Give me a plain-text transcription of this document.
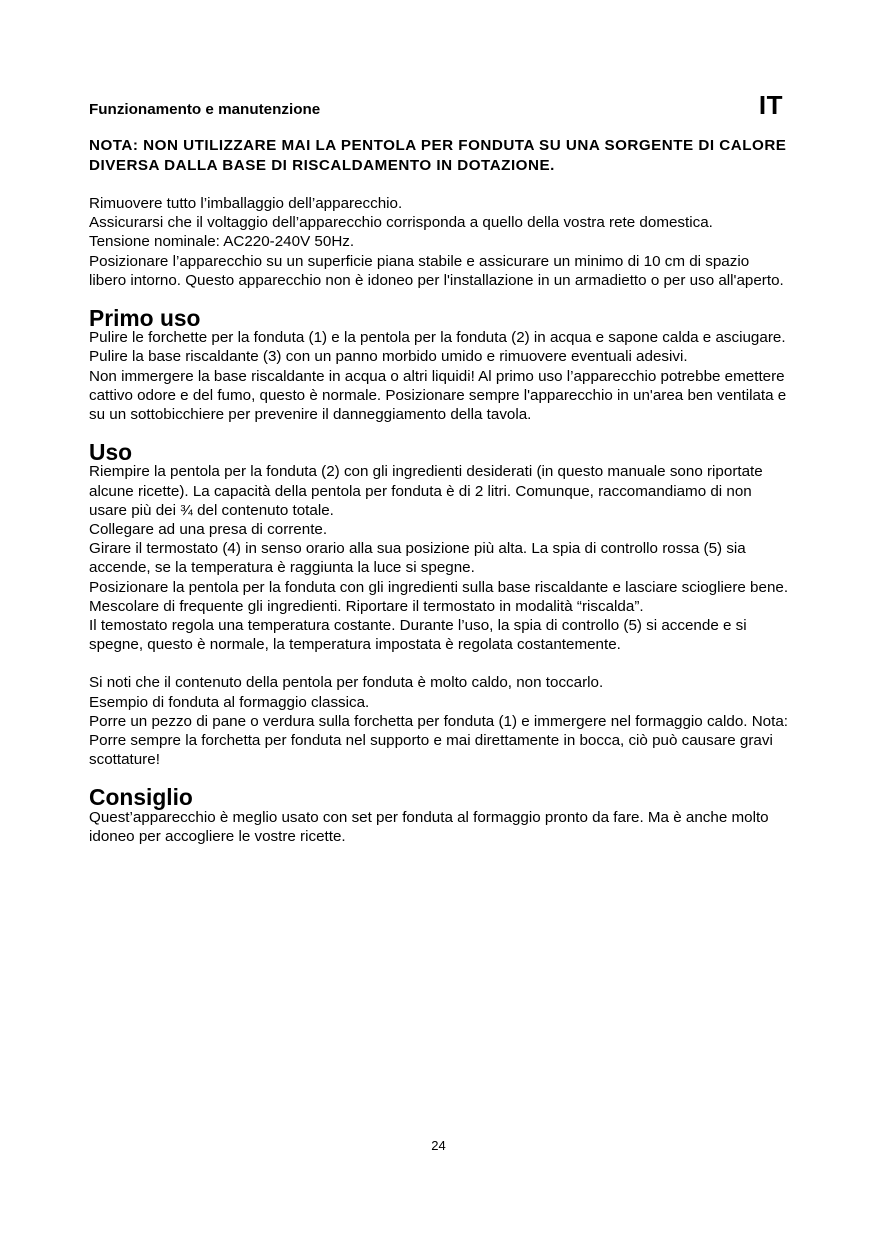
IT
Funzionamento e manutenzione

NOTA: NON UTILIZZARE MAI LA PENTOLA PER FONDUTA SU UNA SORGENTE DI CALORE DIVERSA DALLA BASE DI RISCALDAMENTO IN DOTAZIONE.

Rimuovere tutto l’imballaggio dell’apparecchio.

Assicurarsi che il voltaggio dell’apparecchio corrisponda a quello della vostra rete domestica.

Tensione nominale: AC220-240V 50Hz.

Posizionare l’apparecchio su un superficie piana stabile e assicurare un minimo di 10 cm di spazio libero intorno. Questo apparecchio non è idoneo per l'installazione in un armadietto o per uso all'aperto.

Primo uso

Pulire le forchette per la fonduta (1) e la pentola per la fonduta (2) in acqua e sapone calda e asciugare.

Pulire la base riscaldante (3) con un panno morbido umido e rimuovere eventuali adesivi.

Non immergere la base riscaldante in acqua o altri liquidi! Al primo uso l’apparecchio potrebbe emettere cattivo odore e del fumo, questo è normale. Posizionare sempre l'apparecchio in un'area ben ventilata e su un sottobicchiere per prevenire il danneggiamento della tavola.

Uso

Riempire la pentola per la fonduta (2) con gli ingredienti desiderati (in questo manuale sono riportate alcune ricette). La capacità della pentola per fonduta è di 2 litri. Comunque, raccomandiamo di non usare più dei ¾ del contenuto totale.

Collegare ad una presa di corrente.

Girare il termostato (4) in senso orario alla sua posizione più alta. La spia di controllo rossa (5) sia accende, se la temperatura è raggiunta la luce si spegne.

Posizionare la pentola per la fonduta con gli ingredienti sulla base riscaldante e lasciare sciogliere bene. Mescolare di frequente gli ingredienti. Riportare il termostato in modalità “riscalda”.

Il temostato regola una temperatura costante. Durante l’uso, la spia di controllo (5) si accende e si spegne, questo è normale, la temperatura impostata è regolata costantemente.

Si noti che il contenuto della pentola per fonduta è molto caldo, non toccarlo.

Esempio di fonduta al formaggio classica.

Porre un pezzo di pane o verdura sulla forchetta per fonduta (1) e immergere nel formaggio caldo. Nota: Porre sempre la forchetta per fonduta nel supporto e mai direttamente in bocca, ciò può causare gravi scottature!

Consiglio

Quest’apparecchio è meglio usato con set per fonduta al formaggio pronto da fare. Ma è anche molto idoneo per accogliere le vostre ricette.

24
